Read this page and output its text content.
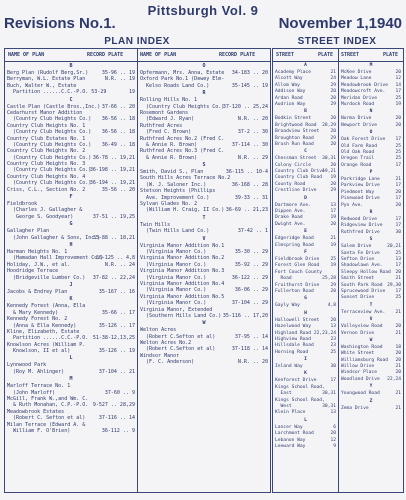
Pittsburgh Vol. 9
Revisions No.1.	November 1,1940
PLAN INDEX	STREET INDEX
NAME OF PLAN	RECORD PLATE	NAME OF PLAN	RECORD PLATE
B
Berg Plan (Rudolf Berg,Sr.)	35-96 .. 19
Berryman, W.L. Estate Plan	N.R. .. 19
Buch, Walter W., Estate
Partition ......C.C.-P.O. 53-29	19
C
Castle Plan (Castle Bros.,Inc.) 37-66 .. 20
Cedarhurst Manor Addition
(Country Club Heights Co.) 36-56 .. 18
Country Club Heights No. 1
(Country Club Heights Co.) 36-56 .. 18
Country Club Estates No. 1
(Country Club Heights Co.) 36-49 .. 18
Country Club Heights No. 2
(Country Club Heights Co.) 36-78 .. 19,21
Country Club Heights No. 3
(Country Club Heights Co.)
36-198 .. 19,21
Country Club Heights No. 4
(Country Club Heights Co.)
36-194 .. 19,21
Criss, C.L., Section No. 2	35-56 .. 20
F
Fieldbrook
(Charles J. Gallagher &
George S. Goodyear)	37-51 .. 19,25
G
Gallagher Plan
(John Gallagher & Sons, Inc.)
35-88 .. 18,21
H
Harman Heights No. 1
(Hamadan Hall Improvement Co.)
36-125 .. 4,8
Holiday, J.W., et al.	N.R. .. 24
Hoodridge Terrace
(Bridgeville Lumber Co.) 37-82 .. 22,24
J
Jacobs & Endrey Plan	35-167 .. 16
K
Kennedy Forest (Anna, Ella
& Mary Kennedy)	35-66 .. 17
Kennedy Forest No. 2
(Anna & Ella Kennedy)	35-126 .. 17
Kline, Elizabeth, Estate
Partition ......C.C.-P.O. 51-38-12,13,25
Knowlson Acres (William P.
Knowlson, II et al)	35-126 .. 19
L
Lynnwood Park
(Roy M. Ahlinger)	37-104 .. 21
M
Marloff Terrace No. 1
(John Marloff)	37-60 .. 9
McGill, Frank W.,and Wm. C.
& Ruth Monahan, C.P.-P.O. 9-527 .. 28,29
Meadowbrook Estates
(Robert C. Sefton et al)	37-116 .. 14
Milan Terrace (Edward A. &
William F. O'Brien)	36-112 .. 9
O
Opfermann, Mrs. Anna, Estate 34-183 .. 20
Oxford Park No.1 (Dewey Elm-
Kelso Roads Land Co.)	35-145 .. 19
R
Rolling Hills No. 1
(Country Club Heights Co.)
37-120 .. 25,24
Rosemont Gardens
(Edward J. Ryan)	N.R. .. 20
Ruthfred Acres
(Fred C. Brown)	37-2 .. 30
Ruthfred Acres No.2 (Fred C.
& Annie R. Brown)	37-114 .. 30
Ruthfred Acres No.3 (Fred C.
& Annie R. Brown)	N.R. .. 29
S
Smith, David S., Plan	36-115 .. 10-4
South Hills Acres Terrace No.2
(W. J. Saloner Inc.)	36-168 .. 28
Stetson Heights (Phillips
Ave. Improvement Co.)	39-33 .. 31
Sylvan Glades No. 2
(William H. Craig, II Co.) 36-69 .. 21,23
T
Twin Hills
(Twin Hills Land Co.)	37-42 .. 1
V
Virginia Manor Addition No.1
(Virginia Manor Co.)	35-30 .. 29
Virginia Manor Addition No.2
(Virginia Manor Co.)	35-92 .. 29
Virginia Manor Addition No.3
(Virginia Manor Co.)	36-122 .. 29
Virginia Manor Addition No.4
(Virginia Manor Co.)	36-06 .. 29
Virginia Manor Addition No.5
(Virginia Manor Co.)	37-104 .. 29
Virginia Manor, Extended
(Southern Hills Land Co.) 35-116 .. 17,20
W
Welton Acres
(Robert C.Sefton et al)	37-95 .. 14
Welton Acres No.2
(Robert C.Sefton et al)	37-118 .. 14
Windsor Manor
(F. C. Anderson)	N.R. .. 20
STREET	PLATE STREET	PLATE
A
Academy Place	21
Alcott Way	24
Allom Way	29
Addison Way	20
Ardan Road	20
Audrion Way	29
B
Bodkin Street	20
Brightwood Road 28,29
Broadview Street 20
Broughton Road	29
Brush Run Road	20
C
Chessman Street 30,31
Colony Circle	20
Country Club Drive
19,21
Country Club Road 19
County Road	20
Crestline Drive	29
D
Dartmore Ave.	13
Dippen Ave.	17
Drake Road	19
Dwight Ave.	20
E
Edgeridge Road	21
Elmspring Road	19
F
Fieldbrook Drive 25
Forest Glen Road 19
Fort Couch County
Road	25,28
Fruithurst Drive 29
Fullerton Road	20
G
Gayly Way	4,8
H
Hallowell Street 20
Hazelwood Way	13
Highland Road 22,23,24
Highview Road	23
Hillsdale Road	23
Horning Road	25
I
Inland Way	30
K
Kenforest Drive	17
Kings School Road,
East	30,31
Kings School Road,
West	30,31
Klein Place	13
L
Lancer Way	6
Larchmont Road	20
Lebanon Way	12
Leeward Way	9
M
McKee Drive	20
Meadow Lane	12
Meadowbrook Drive 14
Meadowcroft Ave. 17
Meridan Drive	25
Murdock Road	19
N
Norma Drive	20
Newport Drive	20
O
Oak Forest Drive 17
Old Farm Road	25
Old Oak Road	25
Oregon Trail	25
Orange Road	17
P
Parkridge Lane	21
Parkview Drive	17
Piedmont Way	20
Pinewood Drive	17
Pyn Ave.	20
R
Redwood Drive	17
Ridgeview Drive	17
Ruthfred Drive	30
S
Salem Drive	20,21
Santa Fe Drive	25
Sefton Drive	13
Shadowlawn Ave.	17
Sleepy Hollow Road 20
Smith Street	21
South Park Road 29,30
Sprucewood Drive 17
Sunset Drive	25
T
Terraceview Ave. 21
V
Valleyview Road	20
Vernon Drive	21
W
Washington Road	18
White Street	20
Williamsburg Road 20
Willow Drive	21
Windsor Place	20
Woodland Drive 22,24
Y
Youngwood Road	21
Z
Zema Drive	21
